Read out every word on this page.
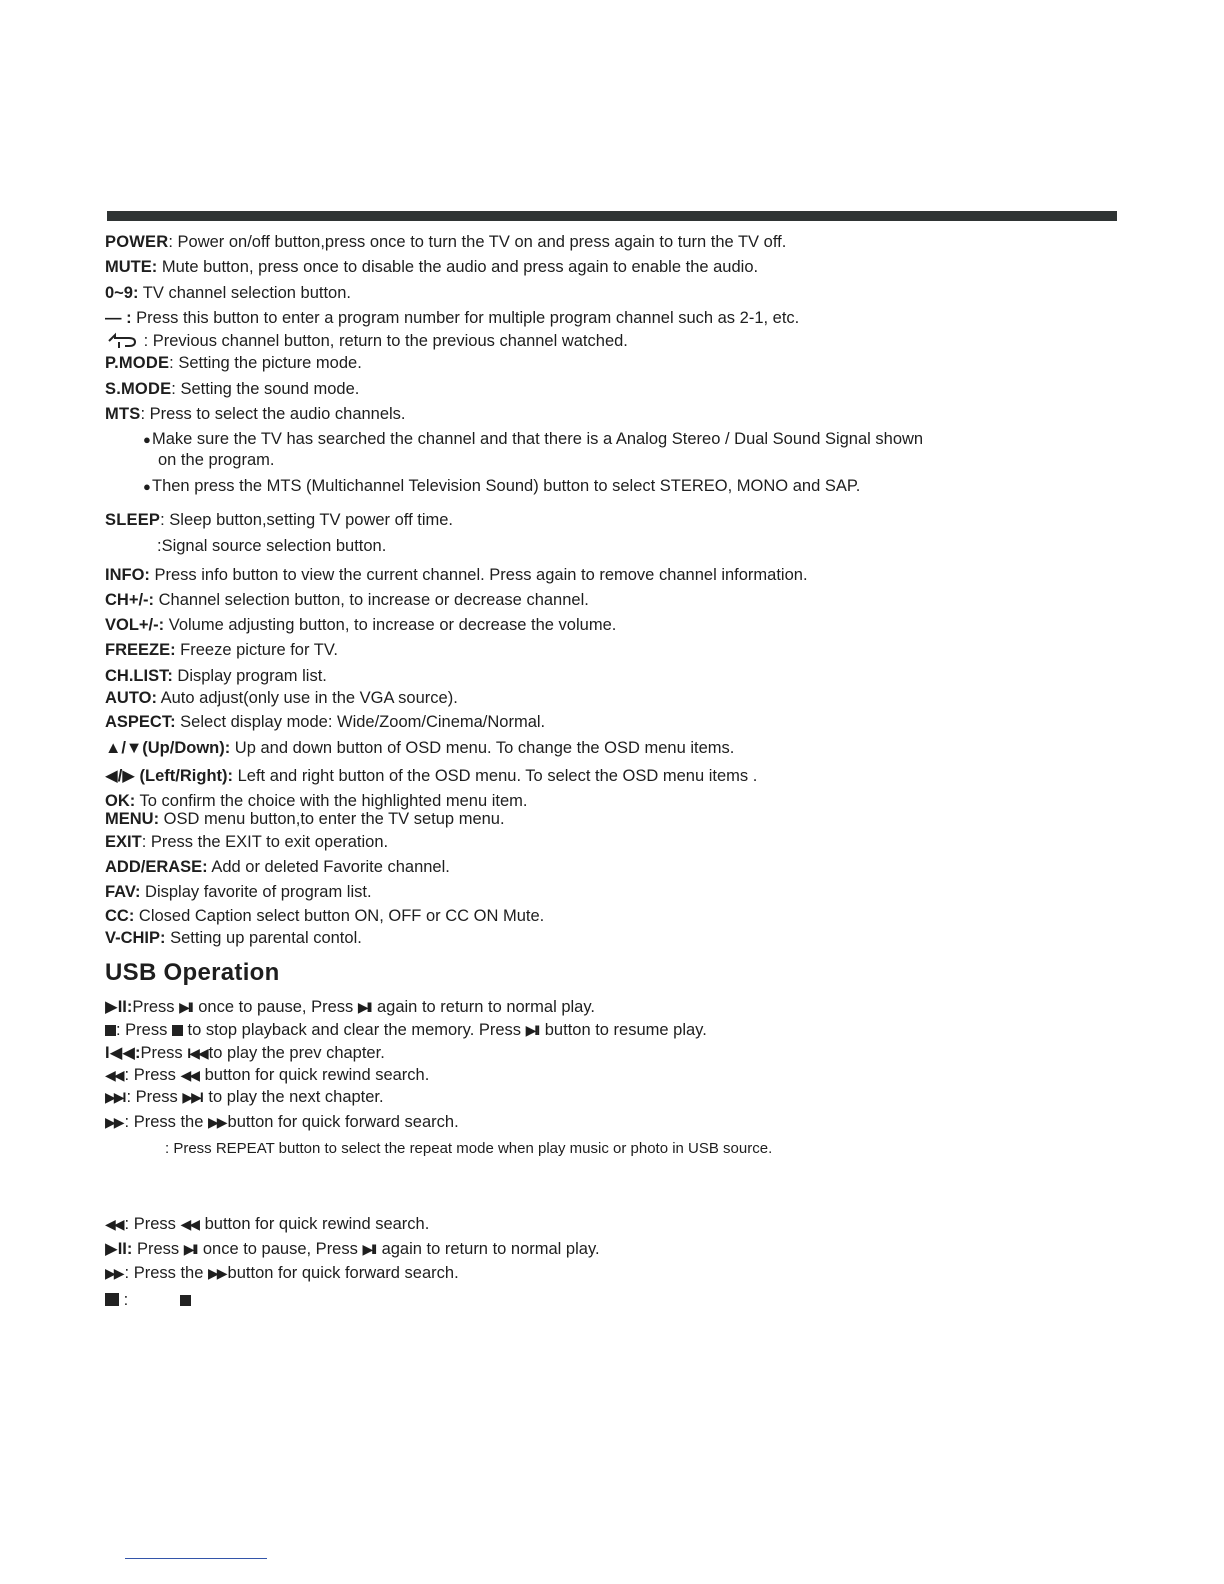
POWER: Power on/off button,press once to turn the TV on and press again to turn the TV off.
MUTE: Mute button, press once to disable the audio and press again to enable the audio.
0~9: TV channel selection button.
— : Press this button to enter a program number for multiple program channel such as 2-1, etc.
: Previous channel button, return to the previous channel watched.
P.MODE: Setting the picture mode.
S.MODE: Setting the sound mode.
MTS: Press to select the audio channels.
●Make sure the TV has searched the channel and that there is a Analog Stereo / Dual Sound Signal shown
on the program.
●Then press the MTS (Multichannel Television Sound) button to select STEREO, MONO and SAP.
SLEEP: Sleep button,setting TV power off time.
:Signal source selection button.
INFO: Press info button to view the current channel. Press again to remove channel information.
CH+/-: Channel selection button, to increase or decrease channel.
VOL+/-: Volume adjusting button, to increase or decrease the volume.
FREEZE: Freeze picture for TV.
CH.LIST: Display program list.
AUTO: Auto adjust(only use in the VGA source).
ASPECT: Select display mode: Wide/Zoom/Cinema/Normal.
▲/▼(Up/Down): Up and down button of OSD menu. To change the OSD menu items.
◀/▶ (Left/Right): Left and right button of the OSD menu. To select the OSD menu items .
OK: To confirm the choice with the highlighted menu item.
MENU: OSD menu button,to enter the TV setup menu.
EXIT: Press the EXIT to exit operation.
ADD/ERASE: Add or deleted Favorite channel.
FAV: Display favorite of program list.
CC: Closed Caption select button ON, OFF or CC ON Mute.
V-CHIP: Setting up parental contol.
USB Operation
▶II:Press ▶II once to pause, Press ▶II again to return to normal play.
: Press  to stop playback and clear the memory. Press ▶II button to resume play.
I◀◀:Press I◀◀ to play the prev chapter.
◀◀ : Press ◀◀ button for quick rewind search.
▶▶I : Press ▶▶I to play the next chapter.
▶▶ : Press the ▶▶ button for quick forward search.
: Press REPEAT button to select the repeat mode when play music or photo in USB source.
◀◀ : Press ◀◀ button for quick rewind search.
▶II: Press ▶II once to pause, Press ▶II again to return to normal play.
▶▶ : Press the ▶▶ button for quick forward search.
:
